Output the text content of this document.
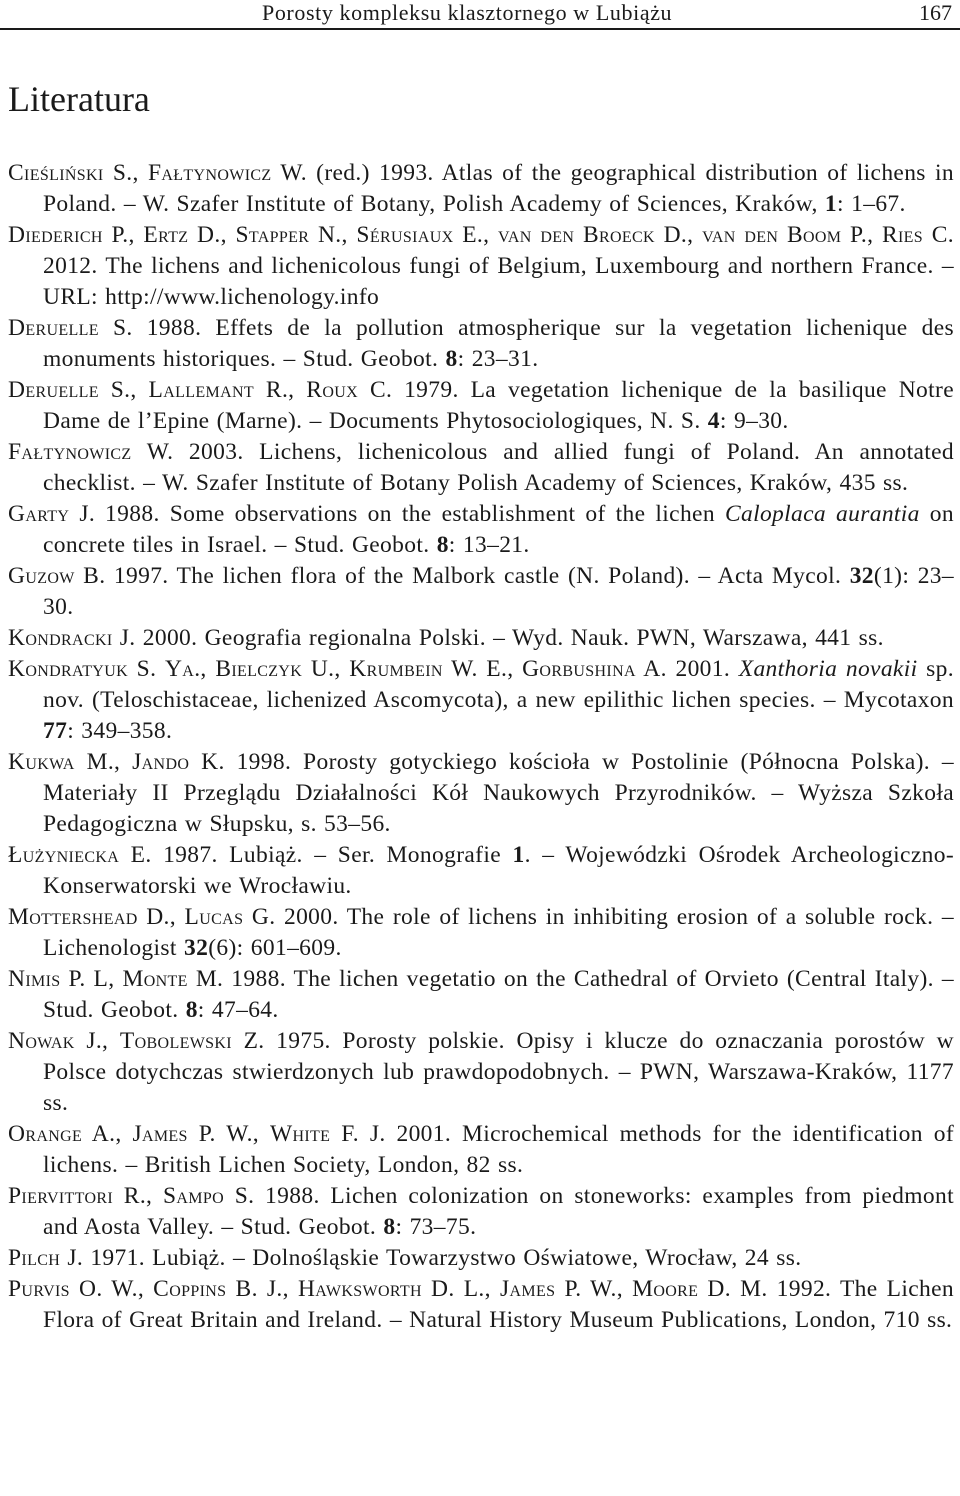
Porosty kompleksu klasztornego w Lubiążu	167
Literatura
Cieśliński S., Fałtynowicz W. (red.) 1993. Atlas of the geographical distribution of lichens in Poland. – W. Szafer Institute of Botany, Polish Academy of Sciences, Kraków, 1: 1–67.
Diederich P., Ertz D., Stapper N., Sérusiaux E., van den Broeck D., van den Boom P., Ries C. 2012. The lichens and lichenicolous fungi of Belgium, Luxembourg and northern France. – URL: http://www.lichenology.info
Deruelle S. 1988. Effets de la pollution atmospherique sur la vegetation lichenique des monuments historiques. – Stud. Geobot. 8: 23–31.
Deruelle S., Lallemant R., Roux C. 1979. La vegetation lichenique de la basilique Notre Dame de l’Epine (Marne). – Documents Phytosociologiques, N. S. 4: 9–30.
Fałtynowicz W. 2003. Lichens, lichenicolous and allied fungi of Poland. An annotated checklist. – W. Szafer Institute of Botany Polish Academy of Sciences, Kraków, 435 ss.
Garty J. 1988. Some observations on the establishment of the lichen Caloplaca aurantia on concrete tiles in Israel. – Stud. Geobot. 8: 13–21.
Guzow B. 1997. The lichen flora of the Malbork castle (N. Poland). – Acta Mycol. 32(1): 23–30.
Kondracki J. 2000. Geografia regionalna Polski. – Wyd. Nauk. PWN, Warszawa, 441 ss.
Kondratyuk S. Ya., Bielczyk U., Krumbein W. E., Gorbushina A. 2001. Xanthoria novakii sp. nov. (Teloschistaceae, lichenized Ascomycota), a new epilithic lichen species. – Mycotaxon 77: 349–358.
Kukwa M., Jando K. 1998. Porosty gotyckiego kościoła w Postolinie (Północna Polska). – Materiały II Przeglądu Działalności Kół Naukowych Przyrodników. – Wyższa Szkoła Pedagogiczna w Słupsku, s. 53–56.
Łużyniecka E. 1987. Lubiąż. – Ser. Monografie 1. – Wojewódzki Ośrodek Archeologiczno-Konserwatorski we Wrocławiu.
Mottershead D., Lucas G. 2000. The role of lichens in inhibiting erosion of a soluble rock. – Lichenologist 32(6): 601–609.
Nimis P. L, Monte M. 1988. The lichen vegetatio on the Cathedral of Orvieto (Central Italy). – Stud. Geobot. 8: 47–64.
Nowak J., Tobolewski Z. 1975. Porosty polskie. Opisy i klucze do oznaczania porostów w Polsce dotychczas stwierdzonych lub prawdopodobnych. – PWN, Warszawa-Kraków, 1177 ss.
Orange A., James P. W., White F. J. 2001. Microchemical methods for the identification of lichens. – British Lichen Society, London, 82 ss.
Piervittori R., Sampo S. 1988. Lichen colonization on stoneworks: examples from piedmont and Aosta Valley. – Stud. Geobot. 8: 73–75.
Pilch J. 1971. Lubiąż. – Dolnośląskie Towarzystwo Oświatowe, Wrocław, 24 ss.
Purvis O. W., Coppins B. J., Hawksworth D. L., James P. W., Moore D. M. 1992. The Lichen Flora of Great Britain and Ireland. – Natural History Museum Publications, London, 710 ss.
